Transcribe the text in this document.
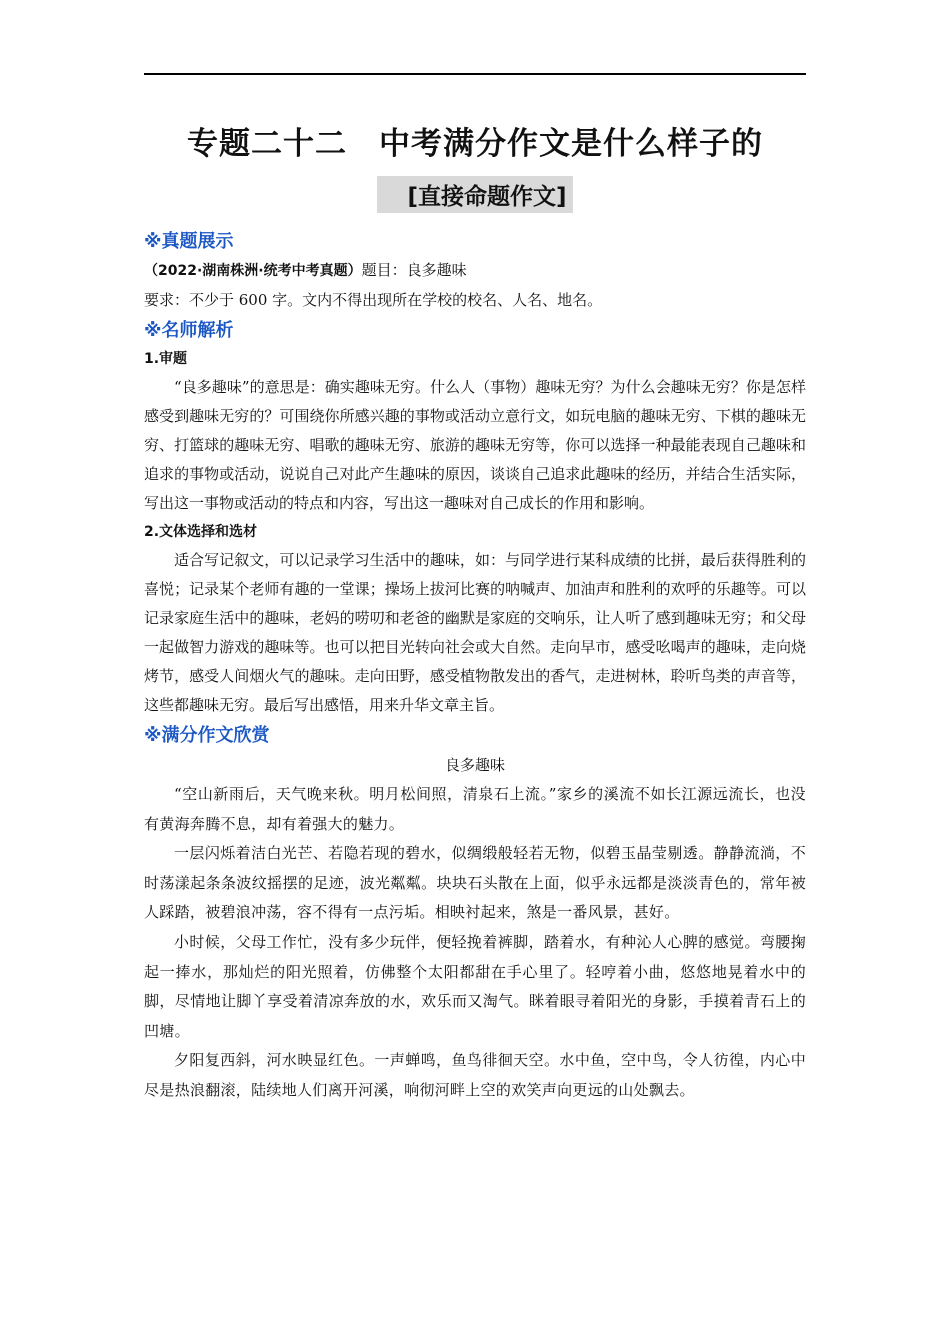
专题二十二　中考满分作文是什么样子的
[直接命题作文]

※真题展示

（2022·湖南株洲·统考中考真题）题目：良多趣味

要求：不少于 600 字。文内不得出现所在学校的校名、人名、地名。

※名师解析

1.审题

“良多趣味”的意思是：确实趣味无穷。什么人（事物）趣味无穷？为什么会趣味无穷？你是怎样感受到趣味无穷的？可围绕你所感兴趣的事物或活动立意行文，如玩电脑的趣味无穷、下棋的趣味无穷、打篮球的趣味无穷、唱歌的趣味无穷、旅游的趣味无穷等，你可以选择一种最能表现自己趣味和追求的事物或活动，说说自己对此产生趣味的原因，谈谈自己追求此趣味的经历，并结合生活实际，写出这一事物或活动的特点和内容，写出这一趣味对自己成长的作用和影响。

2.文体选择和选材

适合写记叙文，可以记录学习生活中的趣味，如：与同学进行某科成绩的比拼，最后获得胜利的喜悦；记录某个老师有趣的一堂课；操场上拔河比赛的呐喊声、加油声和胜利的欢呼的乐趣等。可以记录家庭生活中的趣味，老妈的唠叨和老爸的幽默是家庭的交响乐，让人听了感到趣味无穷；和父母一起做智力游戏的趣味等。也可以把目光转向社会或大自然。走向早市，感受吆喝声的趣味，走向烧烤节，感受人间烟火气的趣味。走向田野，感受植物散发出的香气，走进树林，聆听鸟类的声音等，这些都趣味无穷。最后写出感悟，用来升华文章主旨。

※满分作文欣赏

良多趣味

“空山新雨后，天气晚来秋。明月松间照，清泉石上流。”家乡的溪流不如长江源远流长，也没有黄海奔腾不息，却有着强大的魅力。

一层闪烁着洁白光芒、若隐若现的碧水，似绸缎般轻若无物，似碧玉晶莹剔透。静静流淌，不时荡漾起条条波纹摇摆的足迹，波光粼粼。块块石头散在上面，似乎永远都是淡淡青色的，常年被人踩踏，被碧浪冲荡，容不得有一点污垢。相映衬起来，煞是一番风景，甚好。

小时候，父母工作忙，没有多少玩伴，便轻挽着裤脚，踏着水，有种沁人心脾的感觉。弯腰掬起一捧水，那灿烂的阳光照着，仿佛整个太阳都甜在手心里了。轻哼着小曲，悠悠地晃着水中的脚，尽情地让脚丫享受着清凉奔放的水，欢乐而又淘气。眯着眼寻着阳光的身影，手摸着青石上的凹塘。

夕阳复西斜，河水映显红色。一声蝉鸣，鱼鸟徘徊天空。水中鱼，空中鸟，令人彷徨，内心中尽是热浪翻滚，陆续地人们离开河溪，响彻河畔上空的欢笑声向更远的山处飘去。
